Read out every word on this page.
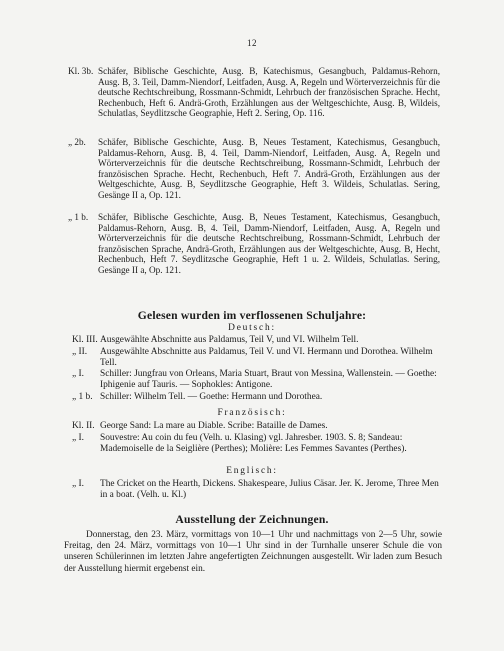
12
Kl. 3b. Schäfer, Biblische Geschichte, Ausg. B, Katechismus, Gesangbuch, Paldamus-Rehorn, Ausg. B, 3. Teil, Damm-Niendorf, Leitfaden, Ausg. A, Regeln und Wörterverzeichnis für die deutsche Rechtschreibung, Rossmann-Schmidt, Lehrbuch der französischen Sprache. Hecht, Rechenbuch, Heft 6. Andrä-Groth, Erzählungen aus der Weltgeschichte, Ausg. B, Wildeis, Schulatlas, Seydlitzsche Geographie, Heft 2. Sering, Op. 116.
„ 2b.	Schäfer, Biblische Geschichte, Ausg. B, Neues Testament, Katechismus, Gesangbuch, Paldamus-Rehorn, Ausg. B, 4. Teil, Damm-Niendorf, Leitfaden, Ausg. A, Regeln und Wörterverzeichnis für die deutsche Rechtschreibung, Rossmann-Schmidt, Lehrbuch der französischen Sprache. Hecht, Rechenbuch, Heft 7. Andrä-Groth, Erzählungen aus der Weltgeschichte, Ausg. B, Seydlitzsche Geographie, Heft 3. Wildeis, Schulatlas. Sering, Gesänge II a, Op. 121.
„ 1 b.	Schäfer, Biblische Geschichte, Ausg. B, Neues Testament, Katechismus, Gesangbuch, Paldamus-Rehorn, Ausg. B, 4. Teil, Damm-Niendorf, Leitfaden, Ausg. A, Regeln und Wörterverzeichnis für die deutsche Rechtschreibung, Rossmann-Schmidt, Lehrbuch der französischen Sprache, Andrä-Groth, Erzählungen aus der Weltgeschichte, Ausg. B, Hecht, Rechenbuch, Heft 7. Seydlitzsche Geographie, Heft 1 u. 2. Wildeis, Schulatlas. Sering, Gesänge II a, Op. 121.
Gelesen wurden im verflossenen Schuljahre:
Deutsch:
Kl. III. Ausgewählte Abschnitte aus Paldamus, Teil V, und VI. Wilhelm Tell.
„ II.	Ausgewählte Abschnitte aus Paldamus, Teil V. und VI. Hermann und Dorothea. Wilhelm Tell.
„ I.	Schiller: Jungfrau von Orleans, Maria Stuart, Braut von Messina, Wallenstein. — Goethe: Iphigenie auf Tauris. — Sophokles: Antigone.
„ 1 b. Schiller: Wilhelm Tell. — Goethe: Hermann und Dorothea.
Französisch:
Kl. II. George Sand: La mare au Diable. Scribe: Bataille de Dames.
„ I.	Souvestre: Au coin du feu (Velh. u. Klasing) vgl. Jahresber. 1903. S. 8; Sandeau: Mademoiselle de la Seiglière (Perthes); Molière: Les Femmes Savantes (Perthes).
Englisch:
„ I.	The Cricket on the Hearth, Dickens. Shakespeare, Julius Cäsar. Jer. K. Jerome, Three Men in a boat. (Velh. u. Kl.)
Ausstellung der Zeichnungen.
Donnerstag, den 23. März, vormittags von 10—1 Uhr und nachmittags von 2—5 Uhr, sowie Freitag, den 24. März, vormittags von 10—1 Uhr sind in der Turnhalle unserer Schule die von unseren Schülerinnen im letzten Jahre angefertigten Zeichnungen ausgestellt. Wir laden zum Besuch der Ausstellung hiermit ergebenst ein.
